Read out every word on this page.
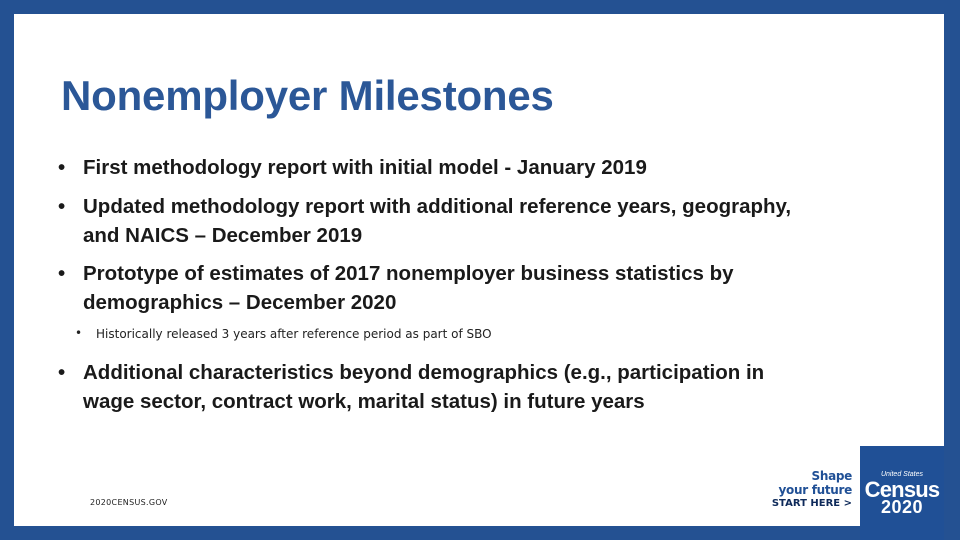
Nonemployer Milestones
• First methodology report with initial model - January 2019
• Updated methodology report with additional reference years, geography,
and NAICS – December 2019
• Prototype of estimates of 2017 nonemployer business statistics by
demographics – December 2020
• Historically released 3 years after reference period as part of SBO
• Additional characteristics beyond demographics (e.g., participation in
wage sector, contract work, marital status) in future years
2020CENSUS.GOV
Shape
your future
START HERE >
United States
Census
2020
